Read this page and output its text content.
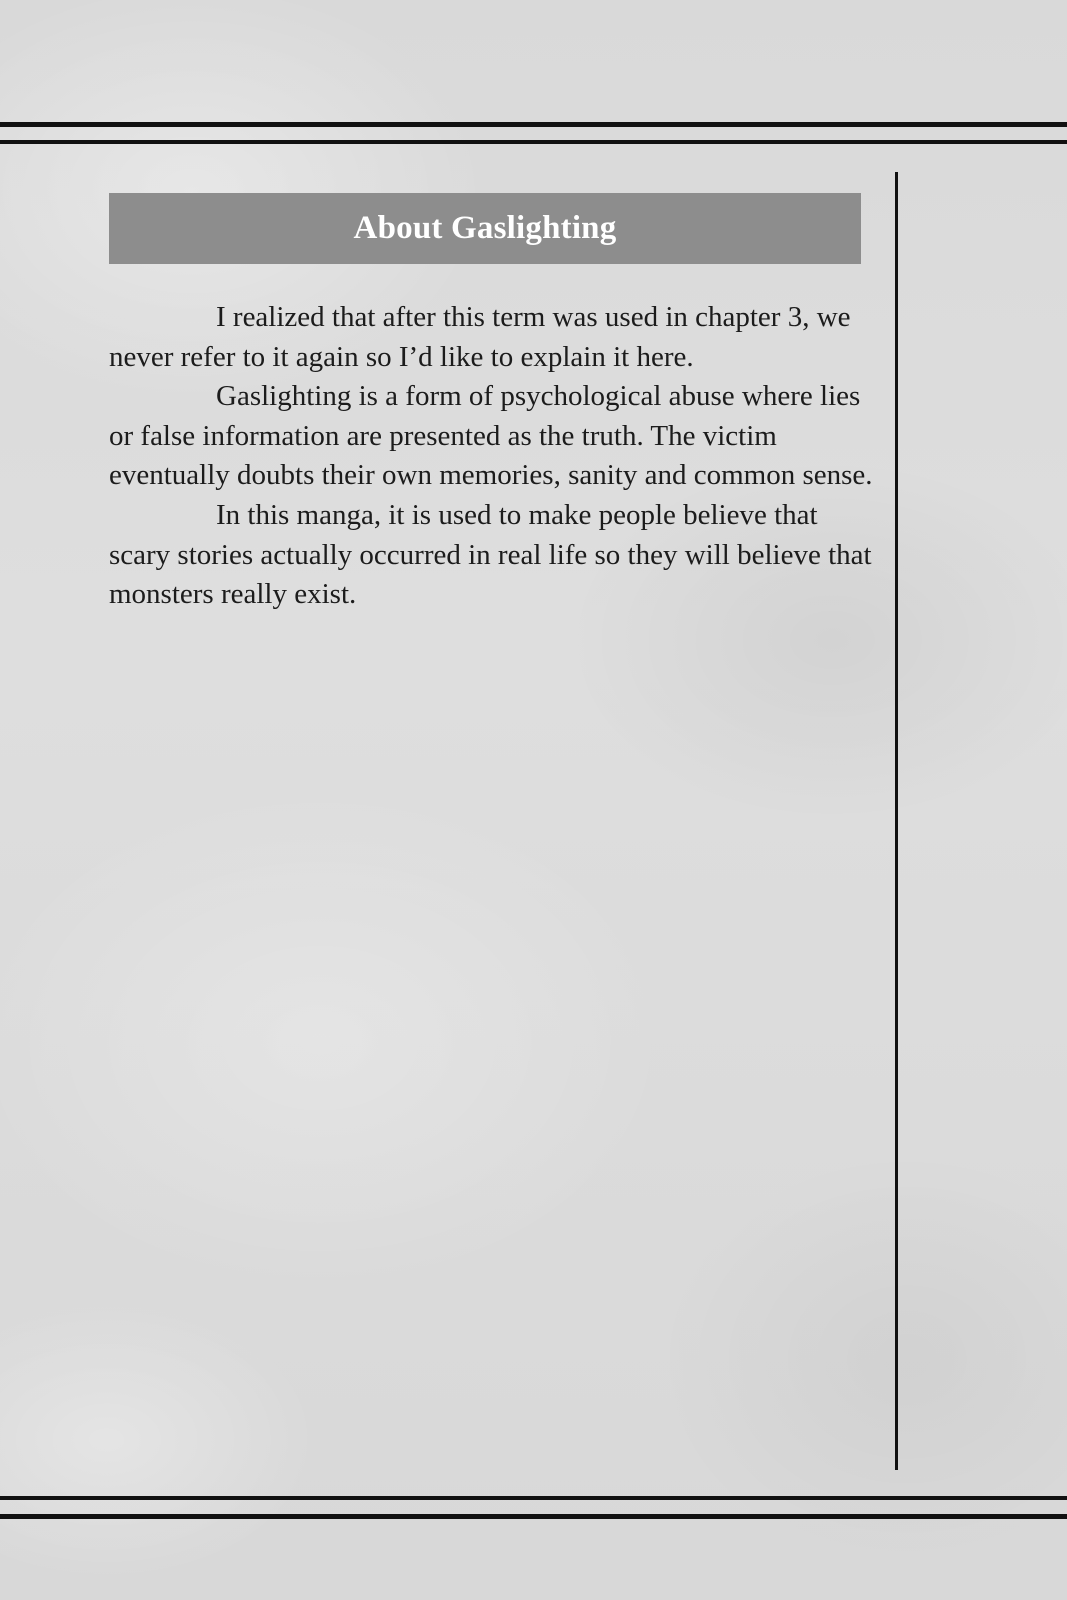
About Gaslighting

I realized that after this term was used in chapter 3, we never refer to it again so I’d like to explain it here.

Gaslighting is a form of psychological abuse where lies or false information are presented as the truth. The victim eventually doubts their own memories, sanity and common sense.

In this manga, it is used to make people believe that scary stories actually occurred in real life so they will believe that monsters really exist.
